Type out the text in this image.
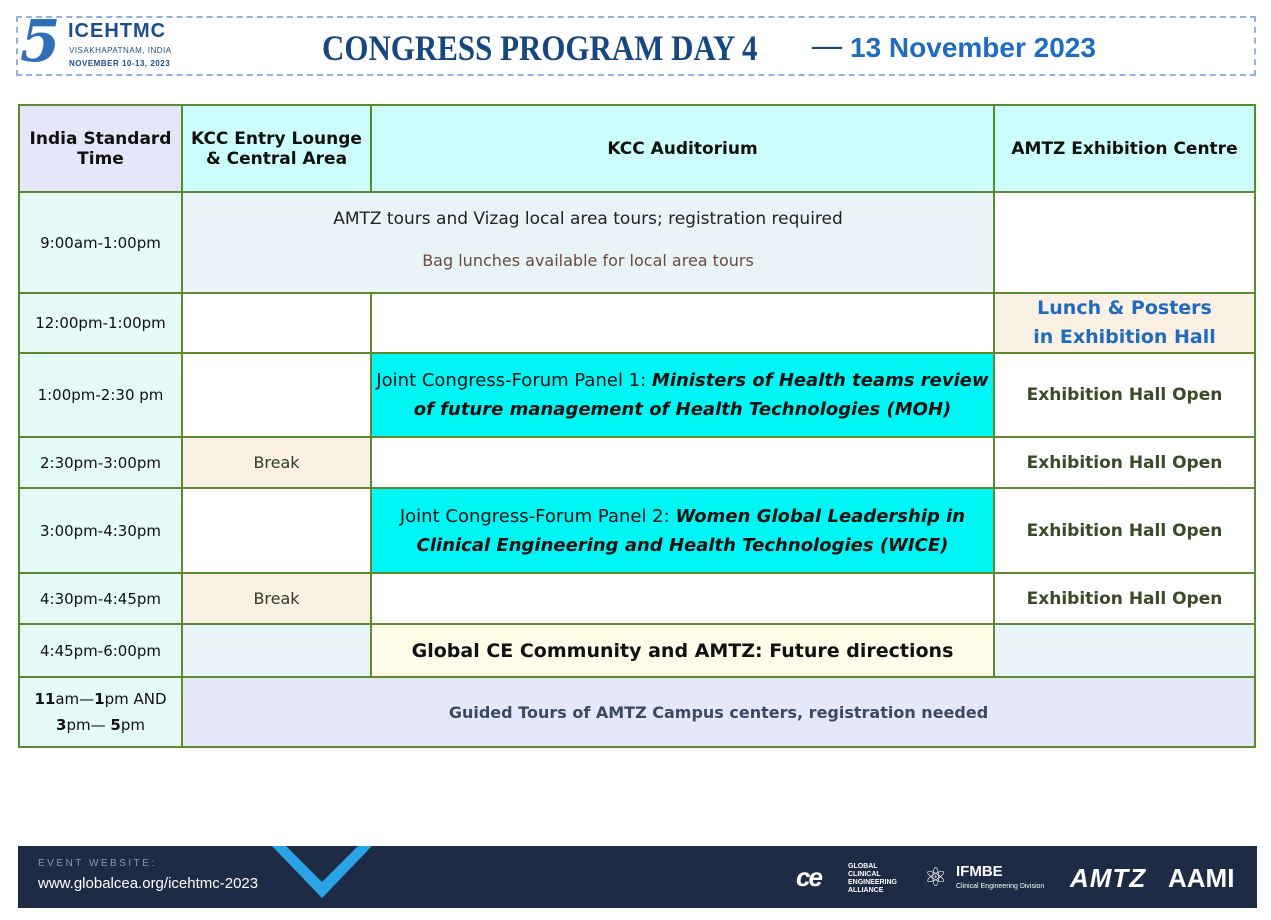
5 ICEHTMC
VISAKHAPATNAM, INDIA
NOVEMBER 10-13, 2023	CONGRESS PROGRAM DAY 4 — 13 November 2023
India Standard Time	KCC Entry Lounge & Central Area	KCC Auditorium	AMTZ Exhibition Centre
9:00am-1:00pm	AMTZ tours and Vizag local area tours; registration required
Bag lunches available for local area tours		

12:00pm-1:00pm			Lunch & Posters
in Exhibition Hall

1:00pm-2:30 pm		Joint Congress-Forum Panel 1: Ministers of Health teams review of future management of Health Technologies (MOH)	Exhibition Hall Open
2:30pm-3:00pm	Break		Exhibition Hall Open
3:00pm-4:30pm		Joint Congress-Forum Panel 2: Women Global Leadership in Clinical Engineering and Health Technologies (WICE)	Exhibition Hall Open
4:30pm-4:45pm	Break		Exhibition Hall Open
4:45pm-6:00pm		Global CE Community and AMTZ: Future directions	

11am—1pm AND
3pm— 5pm	Guided Tours of AMTZ Campus centers, registration needed		
EVENT WEBSITE:
www.globalcea.org/icehtmc-2023	ce	GLOBAL
CLINICAL
ENGINEERING
ALLIANCE	⚛ IFMBE
Clinical Engineering Division AMTZ AAMI
